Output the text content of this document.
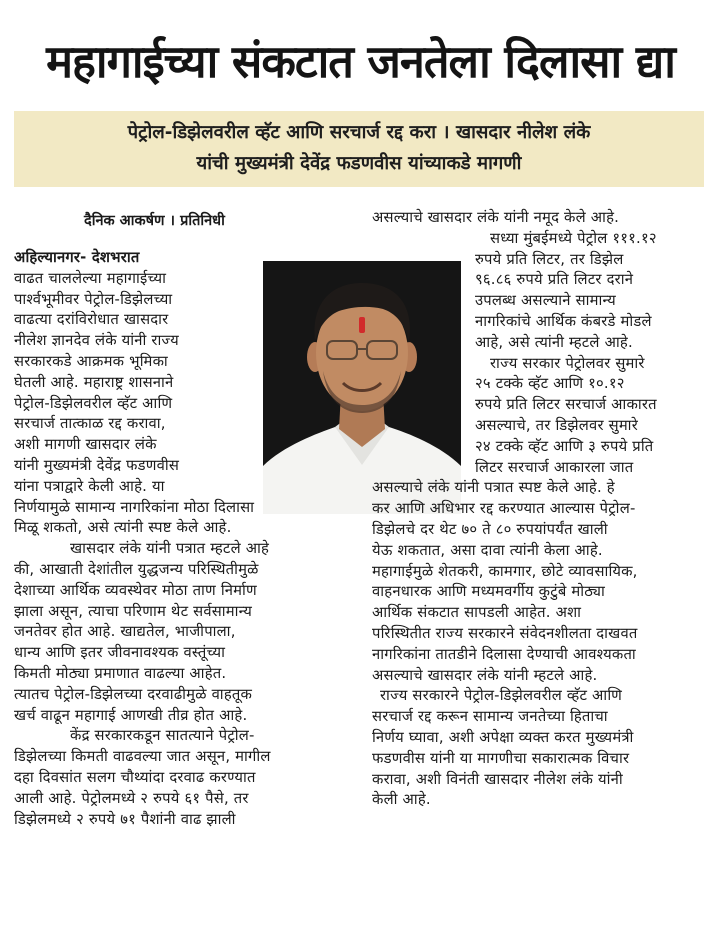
महागाईच्या संकटात जनतेला दिलासा द्या
पेट्रोल-डिझेलवरील व्हॅट आणि सरचार्ज रद्द करा । खासदार नीलेश लंके
यांची मुख्यमंत्री देवेंद्र फडणवीस यांच्याकडे मागणी
दैनिक आकर्षण । प्रतिनिधी
अहिल्यानगर- देशभरात
वाढत चाललेल्या महागाईच्या
पार्श्वभूमीवर पेट्रोल-डिझेलच्या
वाढत्या दरांविरोधात खासदार
नीलेश ज्ञानदेव लंके यांनी राज्य
सरकारकडे आक्रमक भूमिका
घेतली आहे. महाराष्ट्र शासनाने
पेट्रोल-डिझेलवरील व्हॅट आणि
सरचार्ज तात्काळ रद्द करावा,
अशी मागणी खासदार लंके
यांनी मुख्यमंत्री देवेंद्र फडणवीस
यांना पत्राद्वारे केली आहे. या
निर्णयामुळे सामान्य नागरिकांना मोठा दिलासा
मिळू शकतो, असे त्यांनी स्पष्ट केले आहे.
खासदार लंके यांनी पत्रात म्हटले आहे
की, आखाती देशांतील युद्धजन्य परिस्थितीमुळे
देशाच्या आर्थिक व्यवस्थेवर मोठा ताण निर्माण
झाला असून, त्याचा परिणाम थेट सर्वसामान्य
जनतेवर होत आहे. खाद्यतेल, भाजीपाला,
धान्य आणि इतर जीवनावश्यक वस्तूंच्या
किमती मोठ्या प्रमाणात वाढल्या आहेत.
त्यातच पेट्रोल-डिझेलच्या दरवाढीमुळे वाहतूक
खर्च वाढून महागाई आणखी तीव्र होत आहे.
केंद्र सरकारकडून सातत्याने पेट्रोल-
डिझेलच्या किमती वाढवल्या जात असून, मागील
दहा दिवसांत सलग चौथ्यांदा दरवाढ करण्यात
आली आहे. पेट्रोलमध्ये २ रुपये ६१ पैसे, तर
डिझेलमध्ये २ रुपये ७१ पैशांनी वाढ झाली
असल्याचे खासदार लंके यांनी नमूद केले आहे.
सध्या मुंबईमध्ये पेट्रोल १११.१२
रुपये प्रति लिटर, तर डिझेल
९६.८६ रुपये प्रति लिटर दराने
उपलब्ध असल्याने सामान्य
नागरिकांचे आर्थिक कंबरडे मोडले
आहे, असे त्यांनी म्हटले आहे.
राज्य सरकार पेट्रोलवर सुमारे
२५ टक्के व्हॅट आणि १०.१२
रुपये प्रति लिटर सरचार्ज आकारत
असल्याचे, तर डिझेलवर सुमारे
२४ टक्के व्हॅट आणि ३ रुपये प्रति
लिटर सरचार्ज आकारला जात
असल्याचे लंके यांनी पत्रात स्पष्ट केले आहे. हे
कर आणि अधिभार रद्द करण्यात आल्यास पेट्रोल-
डिझेलचे दर थेट ७० ते ८० रुपयांपर्यंत खाली
येऊ शकतात, असा दावा त्यांनी केला आहे.
महागाईमुळे शेतकरी, कामगार, छोटे व्यावसायिक,
वाहनधारक आणि मध्यमवर्गीय कुटुंबे मोठ्या
आर्थिक संकटात सापडली आहेत. अशा
परिस्थितीत राज्य सरकारने संवेदनशीलता दाखवत
नागरिकांना तातडीने दिलासा देण्याची आवश्यकता
असल्याचे खासदार लंके यांनी म्हटले आहे.
राज्य सरकारने पेट्रोल-डिझेलवरील व्हॅट आणि
सरचार्ज रद्द करून सामान्य जनतेच्या हिताचा
निर्णय घ्यावा, अशी अपेक्षा व्यक्त करत मुख्यमंत्री
फडणवीस यांनी या मागणीचा सकारात्मक विचार
करावा, अशी विनंती खासदार नीलेश लंके यांनी
केली आहे.
